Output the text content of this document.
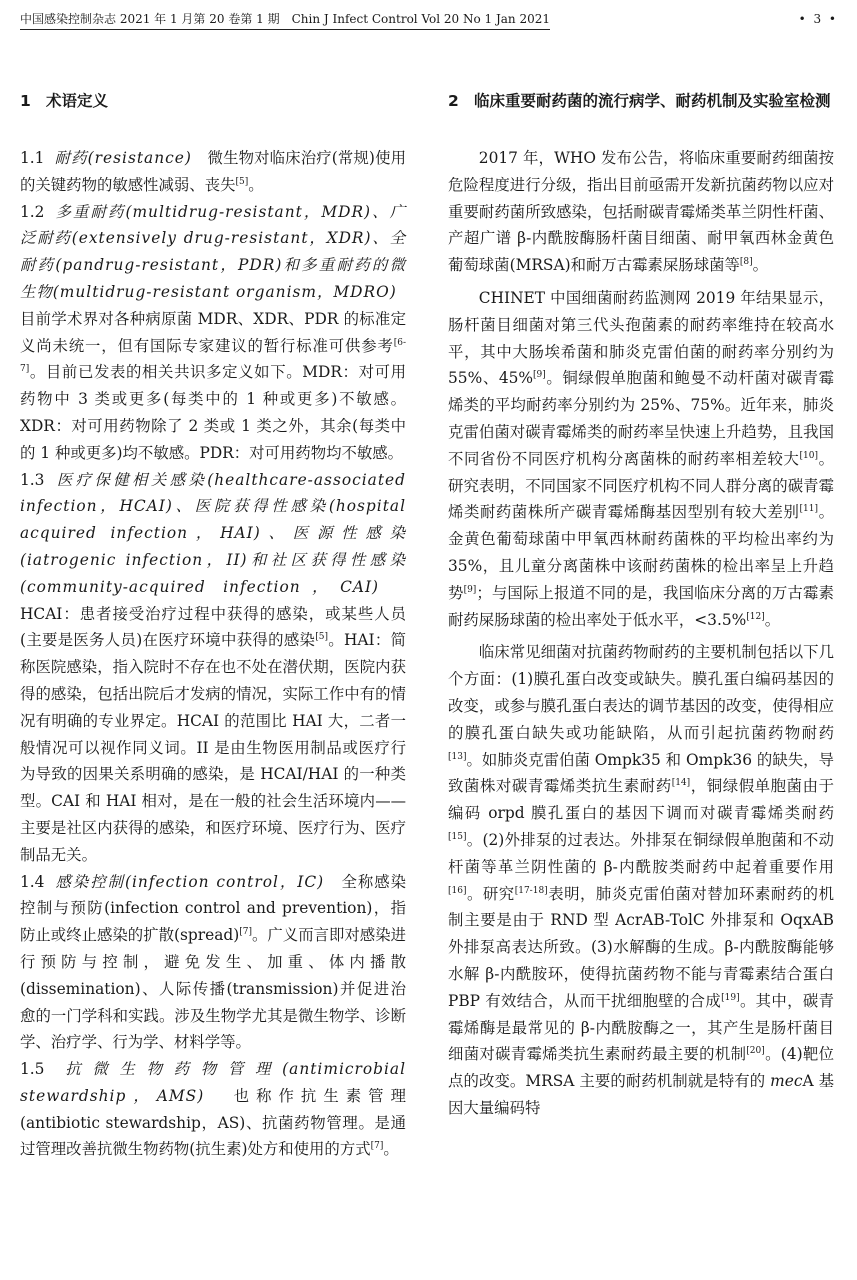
中国感染控制杂志 2021 年 1 月第 20 卷第 1 期　Chin J Infect Control Vol 20 No 1 Jan 2021	• 3 •
1 术语定义

1.1 耐药(resistance)　微生物对临床治疗(常规)使用的关键药物的敏感性减弱、丧失[5]。

1.2 多重耐药(multidrug-resistant，MDR)、广泛耐药(extensively drug-resistant，XDR)、全耐药(pandrug-resistant，PDR)和多重耐药的微生物(multidrug-resistant organism，MDRO)　目前学术界对各种病原菌 MDR、XDR、PDR 的标准定义尚未统一，但有国际专家建议的暂行标准可供参考[6-7]。目前已发表的相关共识多定义如下。MDR：对可用药物中 3 类或更多(每类中的 1 种或更多)不敏感。XDR：对可用药物除了 2 类或 1 类之外，其余(每类中的 1 种或更多)均不敏感。PDR：对可用药物均不敏感。

1.3 医疗保健相关感染(healthcare-associated infection，HCAI)、医院获得性感染(hospital acquired infection，HAI)、医源性感染(iatrogenic infection，II)和社区获得性感染(community-acquired infection，CAI)　HCAI：患者接受治疗过程中获得的感染，或某些人员(主要是医务人员)在医疗环境中获得的感染[5]。HAI：简称医院感染，指入院时不存在也不处在潜伏期，医院内获得的感染，包括出院后才发病的情况，实际工作中有的情况有明确的专业界定。HCAI 的范围比 HAI 大，二者一般情况可以视作同义词。II 是由生物医用制品或医疗行为导致的因果关系明确的感染，是 HCAI/HAI 的一种类型。CAI 和 HAI 相对，是在一般的社会生活环境内——主要是社区内获得的感染，和医疗环境、医疗行为、医疗制品无关。

1.4 感染控制(infection control，IC)　全称感染控制与预防(infection control and prevention)，指防止或终止感染的扩散(spread)[7]。广义而言即对感染进行预防与控制，避免发生、加重、体内播散(dissemination)、人际传播(transmission)并促进治愈的一门学科和实践。涉及生物学尤其是微生物学、诊断学、治疗学、行为学、材料学等。

1.5 抗微生物药物管理(antimicrobial stewardship，AMS)　也称作抗生素管理(antibiotic stewardship，AS)、抗菌药物管理。是通过管理改善抗微生物药物(抗生素)处方和使用的方式[7]。

2 临床重要耐药菌的流行病学、耐药机制及实验室检测

2017 年，WHO 发布公告，将临床重要耐药细菌按危险程度进行分级，指出目前亟需开发新抗菌药物以应对重要耐药菌所致感染，包括耐碳青霉烯类革兰阴性杆菌、产超广谱 β-内酰胺酶肠杆菌目细菌、耐甲氧西林金黄色葡萄球菌(MRSA)和耐万古霉素屎肠球菌等[8]。

CHINET 中国细菌耐药监测网 2019 年结果显示，肠杆菌目细菌对第三代头孢菌素的耐药率维持在较高水平，其中大肠埃希菌和肺炎克雷伯菌的耐药率分别约为 55%、45%[9]。铜绿假单胞菌和鲍曼不动杆菌对碳青霉烯类的平均耐药率分别约为 25%、75%。近年来，肺炎克雷伯菌对碳青霉烯类的耐药率呈快速上升趋势，且我国不同省份不同医疗机构分离菌株的耐药率相差较大[10]。研究表明，不同国家不同医疗机构不同人群分离的碳青霉烯类耐药菌株所产碳青霉烯酶基因型别有较大差别[11]。金黄色葡萄球菌中甲氧西林耐药菌株的平均检出率约为 35%，且儿童分离菌株中该耐药菌株的检出率呈上升趋势[9]；与国际上报道不同的是，我国临床分离的万古霉素耐药屎肠球菌的检出率处于低水平，<3.5%[12]。

临床常见细菌对抗菌药物耐药的主要机制包括以下几个方面：(1)膜孔蛋白改变或缺失。膜孔蛋白编码基因的改变，或参与膜孔蛋白表达的调节基因的改变，使得相应的膜孔蛋白缺失或功能缺陷，从而引起抗菌药物耐药[13]。如肺炎克雷伯菌 Ompk35 和 Ompk36 的缺失，导致菌株对碳青霉烯类抗生素耐药[14]，铜绿假单胞菌由于编码 orpd 膜孔蛋白的基因下调而对碳青霉烯类耐药[15]。(2)外排泵的过表达。外排泵在铜绿假单胞菌和不动杆菌等革兰阴性菌的 β-内酰胺类耐药中起着重要作用[16]。研究[17-18]表明，肺炎克雷伯菌对替加环素耐药的机制主要是由于 RND 型 AcrAB-TolC 外排泵和 OqxAB 外排泵高表达所致。(3)水解酶的生成。β-内酰胺酶能够水解 β-内酰胺环，使得抗菌药物不能与青霉素结合蛋白 PBP 有效结合，从而干扰细胞壁的合成[19]。其中，碳青霉烯酶是最常见的 β-内酰胺酶之一，其产生是肠杆菌目细菌对碳青霉烯类抗生素耐药最主要的机制[20]。(4)靶位点的改变。MRSA 主要的耐药机制就是特有的 mecA 基因大量编码特
